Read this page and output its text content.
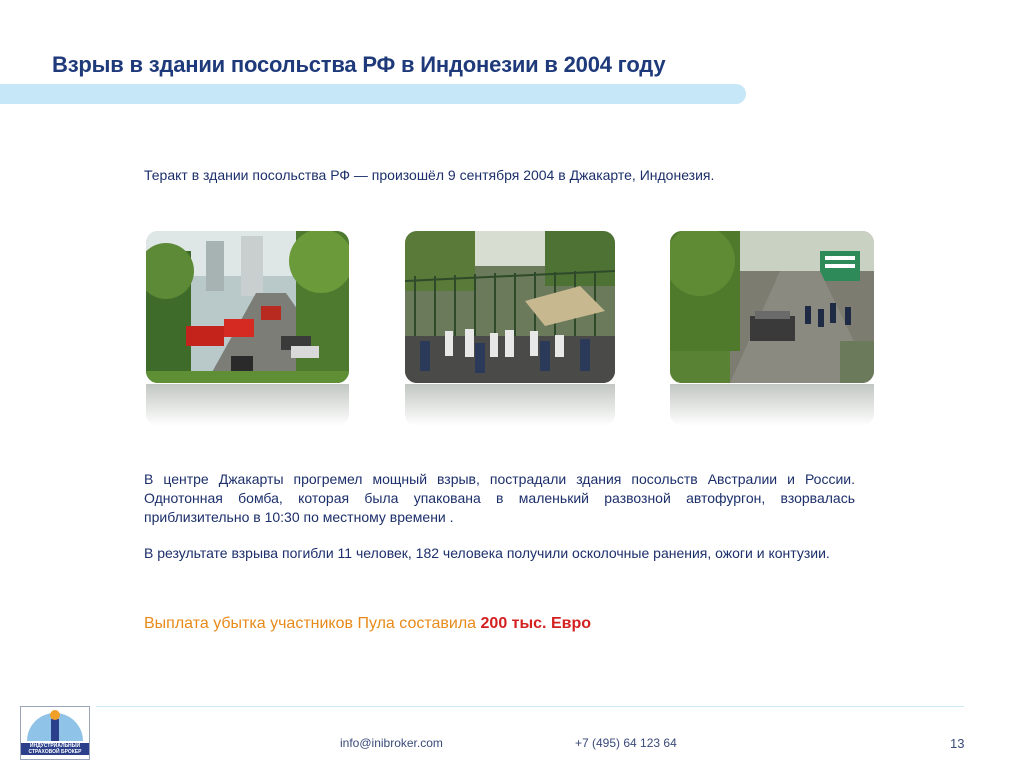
Взрыв в здании посольства РФ в Индонезии в 2004 году
Теракт в здании посольства РФ — произошёл 9 сентября 2004 в Джакарте, Индонезия.
В центре Джакарты прогремел мощный взрыв, пострадали здания посольств Австралии и России. Однотонная бомба, которая была упакована в маленький развозной автофургон, взорвалась приблизительно в 10:30 по местному времени .
В результате взрыва погибли 11 человек, 182 человека получили осколочные ранения, ожоги и контузии.
Выплата убытка участников Пула составила 200 тыс. Евро
ИНДУСТРИАЛЬНЫЙ
СТРАХОВОЙ БРОКЕР
info@inibroker.com	+7 (495) 64 123 64	13
